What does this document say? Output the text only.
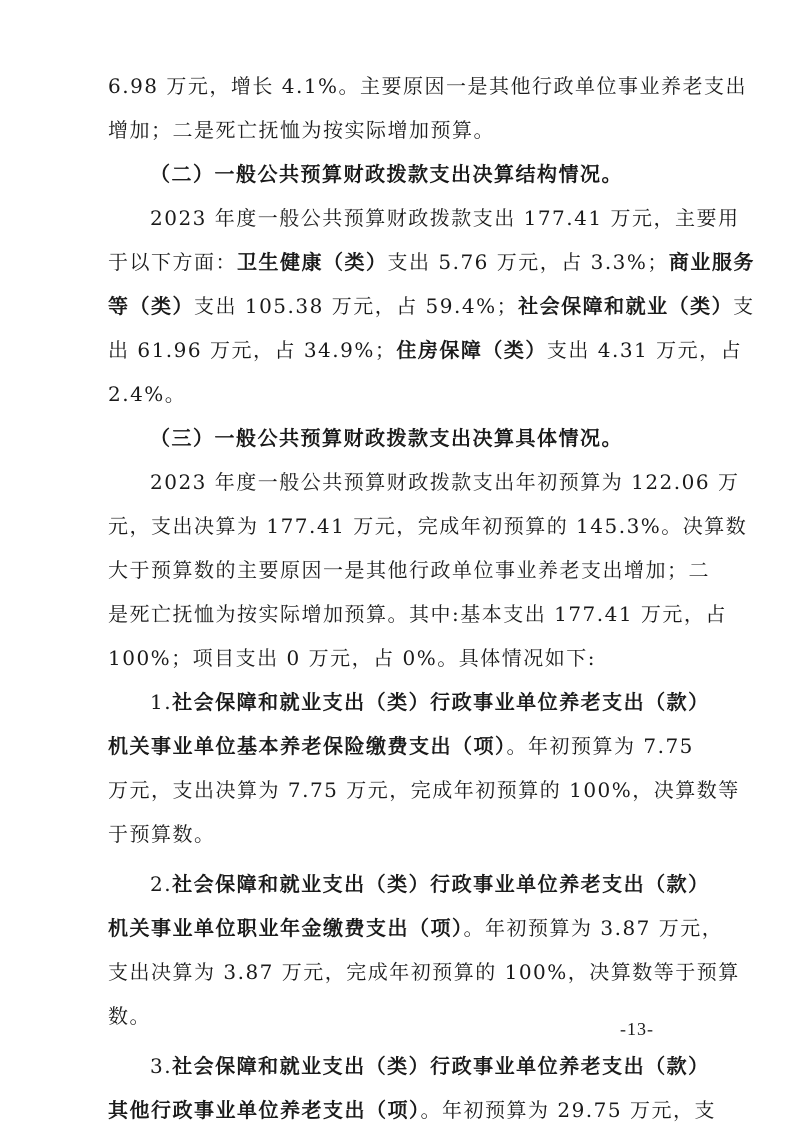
6.98 万元，增长 4.1%。主要原因一是其他行政单位事业养老支出
增加；二是死亡抚恤为按实际增加预算。
（二）一般公共预算财政拨款支出决算结构情况。
2023 年度一般公共预算财政拨款支出 177.41 万元，主要用
于以下方面：卫生健康（类）支出 5.76 万元，占 3.3%；商业服务
等（类）支出 105.38 万元，占 59.4%；社会保障和就业（类）支
出 61.96 万元，占 34.9%；住房保障（类）支出 4.31 万元，占
2.4%。
（三）一般公共预算财政拨款支出决算具体情况。
2023 年度一般公共预算财政拨款支出年初预算为 122.06 万
元，支出决算为 177.41 万元，完成年初预算的 145.3%。决算数
大于预算数的主要原因一是其他行政单位事业养老支出增加；二
是死亡抚恤为按实际增加预算。其中:基本支出 177.41 万元，占
100%；项目支出 0 万元，占 0%。具体情况如下:
1.社会保障和就业支出（类）行政事业单位养老支出（款）
机关事业单位基本养老保险缴费支出（项）。年初预算为 7.75
万元，支出决算为 7.75 万元，完成年初预算的 100%，决算数等
于预算数。
2.社会保障和就业支出（类）行政事业单位养老支出（款）
机关事业单位职业年金缴费支出（项）。年初预算为 3.87 万元，
支出决算为 3.87 万元，完成年初预算的 100%，决算数等于预算
数。
3.社会保障和就业支出（类）行政事业单位养老支出（款）
其他行政事业单位养老支出（项）。年初预算为 29.75 万元，支
-13-
